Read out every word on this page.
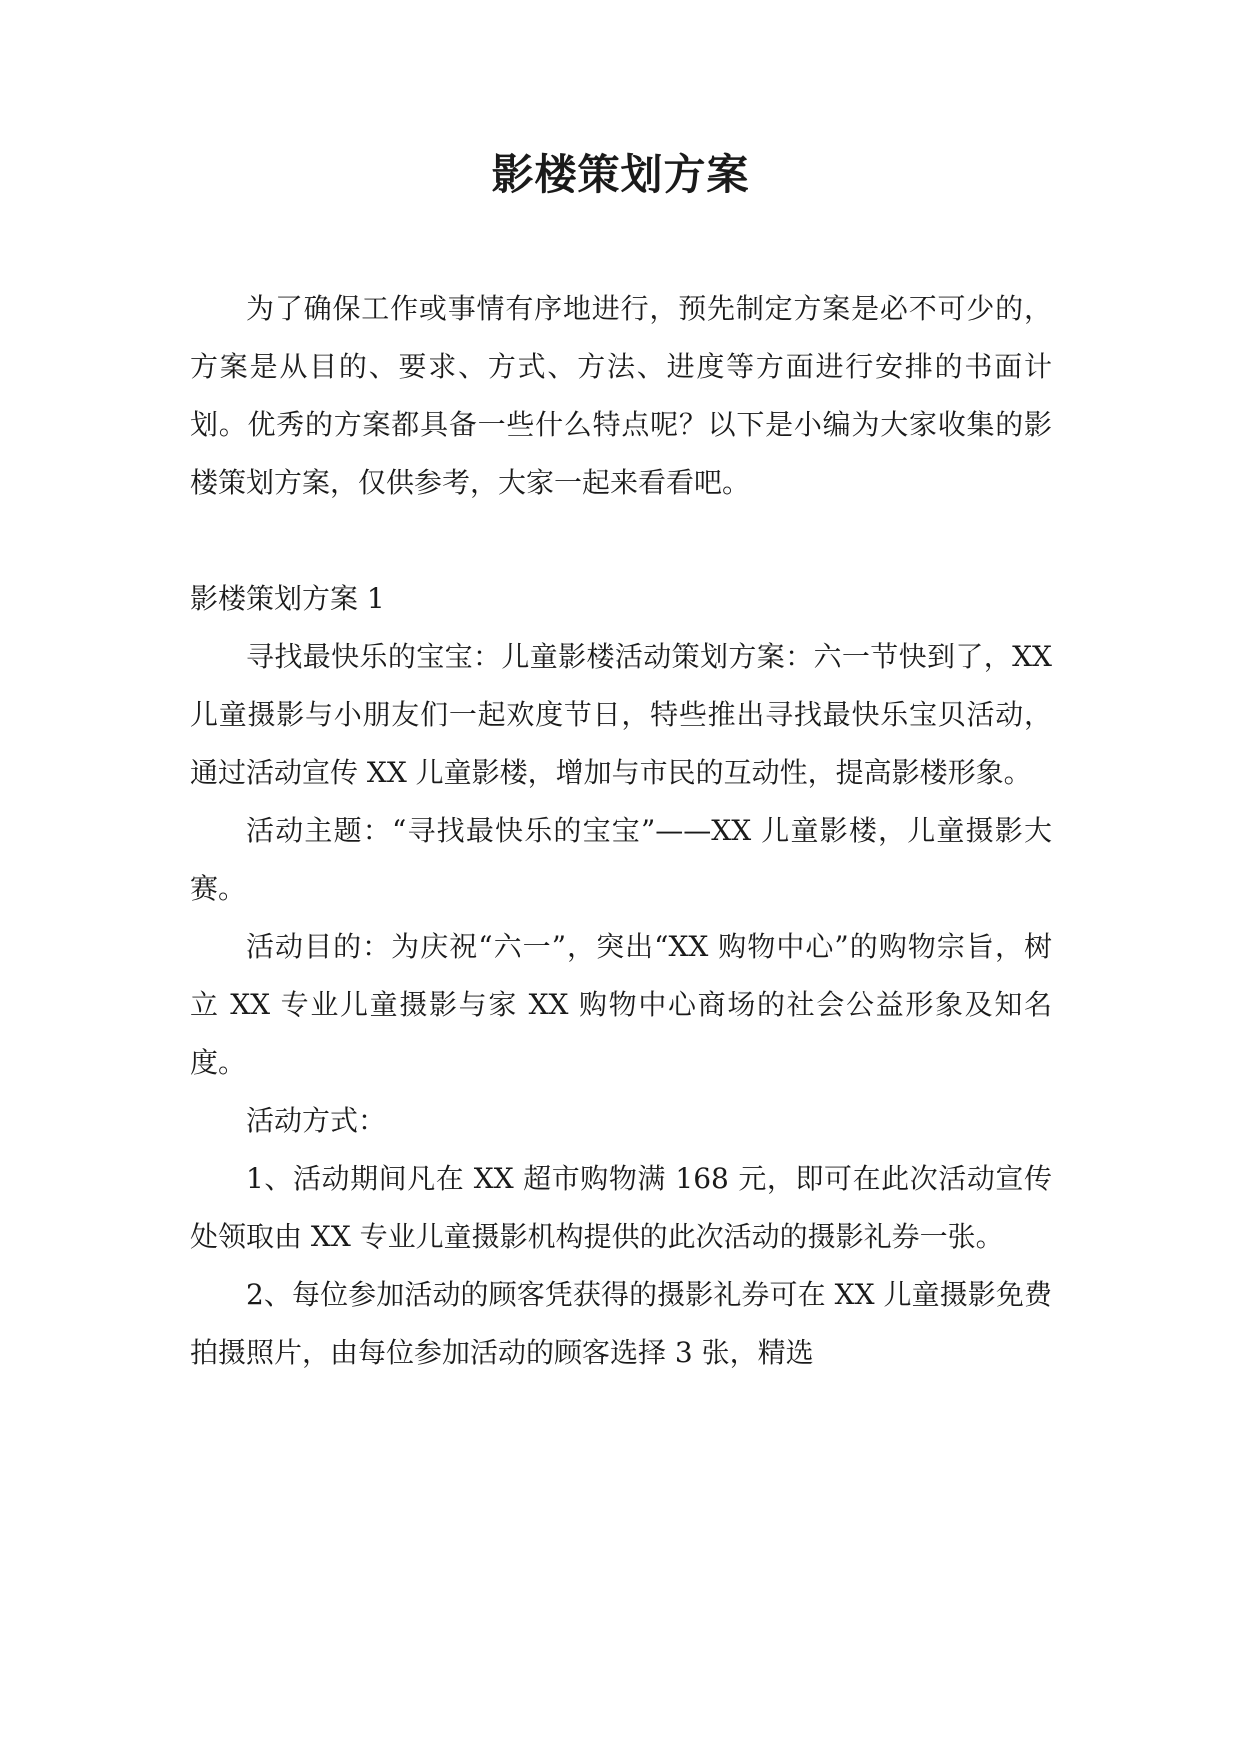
影楼策划方案

为了确保工作或事情有序地进行，预先制定方案是必不可少的，方案是从目的、要求、方式、方法、进度等方面进行安排的书面计划。优秀的方案都具备一些什么特点呢？以下是小编为大家收集的影楼策划方案，仅供参考，大家一起来看看吧。

影楼策划方案 1

寻找最快乐的宝宝：儿童影楼活动策划方案：六一节快到了，XX 儿童摄影与小朋友们一起欢度节日，特些推出寻找最快乐宝贝活动，通过活动宣传 XX 儿童影楼，增加与市民的互动性，提高影楼形象。

活动主题：“寻找最快乐的宝宝”——XX 儿童影楼，儿童摄影大赛。

活动目的：为庆祝“六一”，突出“XX 购物中心”的购物宗旨，树立 XX 专业儿童摄影与家 XX 购物中心商场的社会公益形象及知名度。

活动方式：

1、活动期间凡在 XX 超市购物满 168 元，即可在此次活动宣传处领取由 XX 专业儿童摄影机构提供的此次活动的摄影礼券一张。

2、每位参加活动的顾客凭获得的摄影礼券可在 XX 儿童摄影免费拍摄照片，由每位参加活动的顾客选择 3 张，精选
